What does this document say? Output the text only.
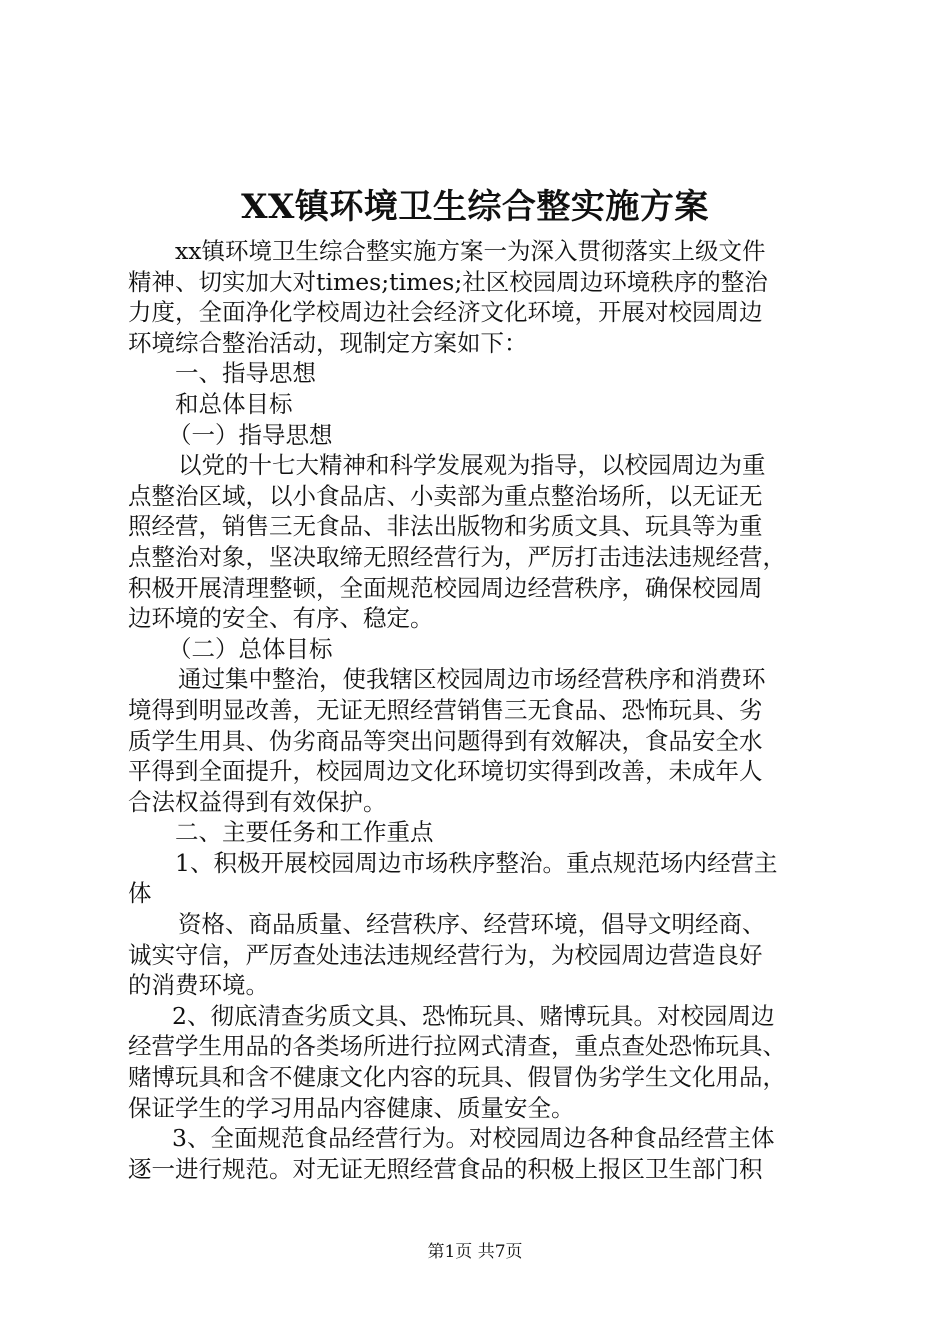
XX镇环境卫生综合整实施方案
xx镇环境卫生综合整实施方案一为深入贯彻落实上级文件
精神、切实加大对times;times;社区校园周边环境秩序的整治
力度，全面净化学校周边社会经济文化环境，开展对校园周边
环境综合整治活动，现制定方案如下：
一、指导思想
和总体目标
（一）指导思想
以党的十七大精神和科学发展观为指导，以校园周边为重
点整治区域，以小食品店、小卖部为重点整治场所，以无证无
照经营，销售三无食品、非法出版物和劣质文具、玩具等为重
点整治对象，坚决取缔无照经营行为，严厉打击违法违规经营，
积极开展清理整顿，全面规范校园周边经营秩序，确保校园周
边环境的安全、有序、稳定。
（二）总体目标
通过集中整治，使我辖区校园周边市场经营秩序和消费环
境得到明显改善，无证无照经营销售三无食品、恐怖玩具、劣
质学生用具、伪劣商品等突出问题得到有效解决，食品安全水
平得到全面提升，校园周边文化环境切实得到改善，未成年人
合法权益得到有效保护。
二、主要任务和工作重点
1、积极开展校园周边市场秩序整治。重点规范场内经营主
体
资格、商品质量、经营秩序、经营环境，倡导文明经商、
诚实守信，严厉查处违法违规经营行为，为校园周边营造良好
的消费环境。
2、彻底清查劣质文具、恐怖玩具、赌博玩具。对校园周边
经营学生用品的各类场所进行拉网式清查，重点查处恐怖玩具、
赌博玩具和含不健康文化内容的玩具、假冒伪劣学生文化用品，
保证学生的学习用品内容健康、质量安全。
3、全面规范食品经营行为。对校园周边各种食品经营主体
逐一进行规范。对无证无照经营食品的积极上报区卫生部门积
第1页 共7页
